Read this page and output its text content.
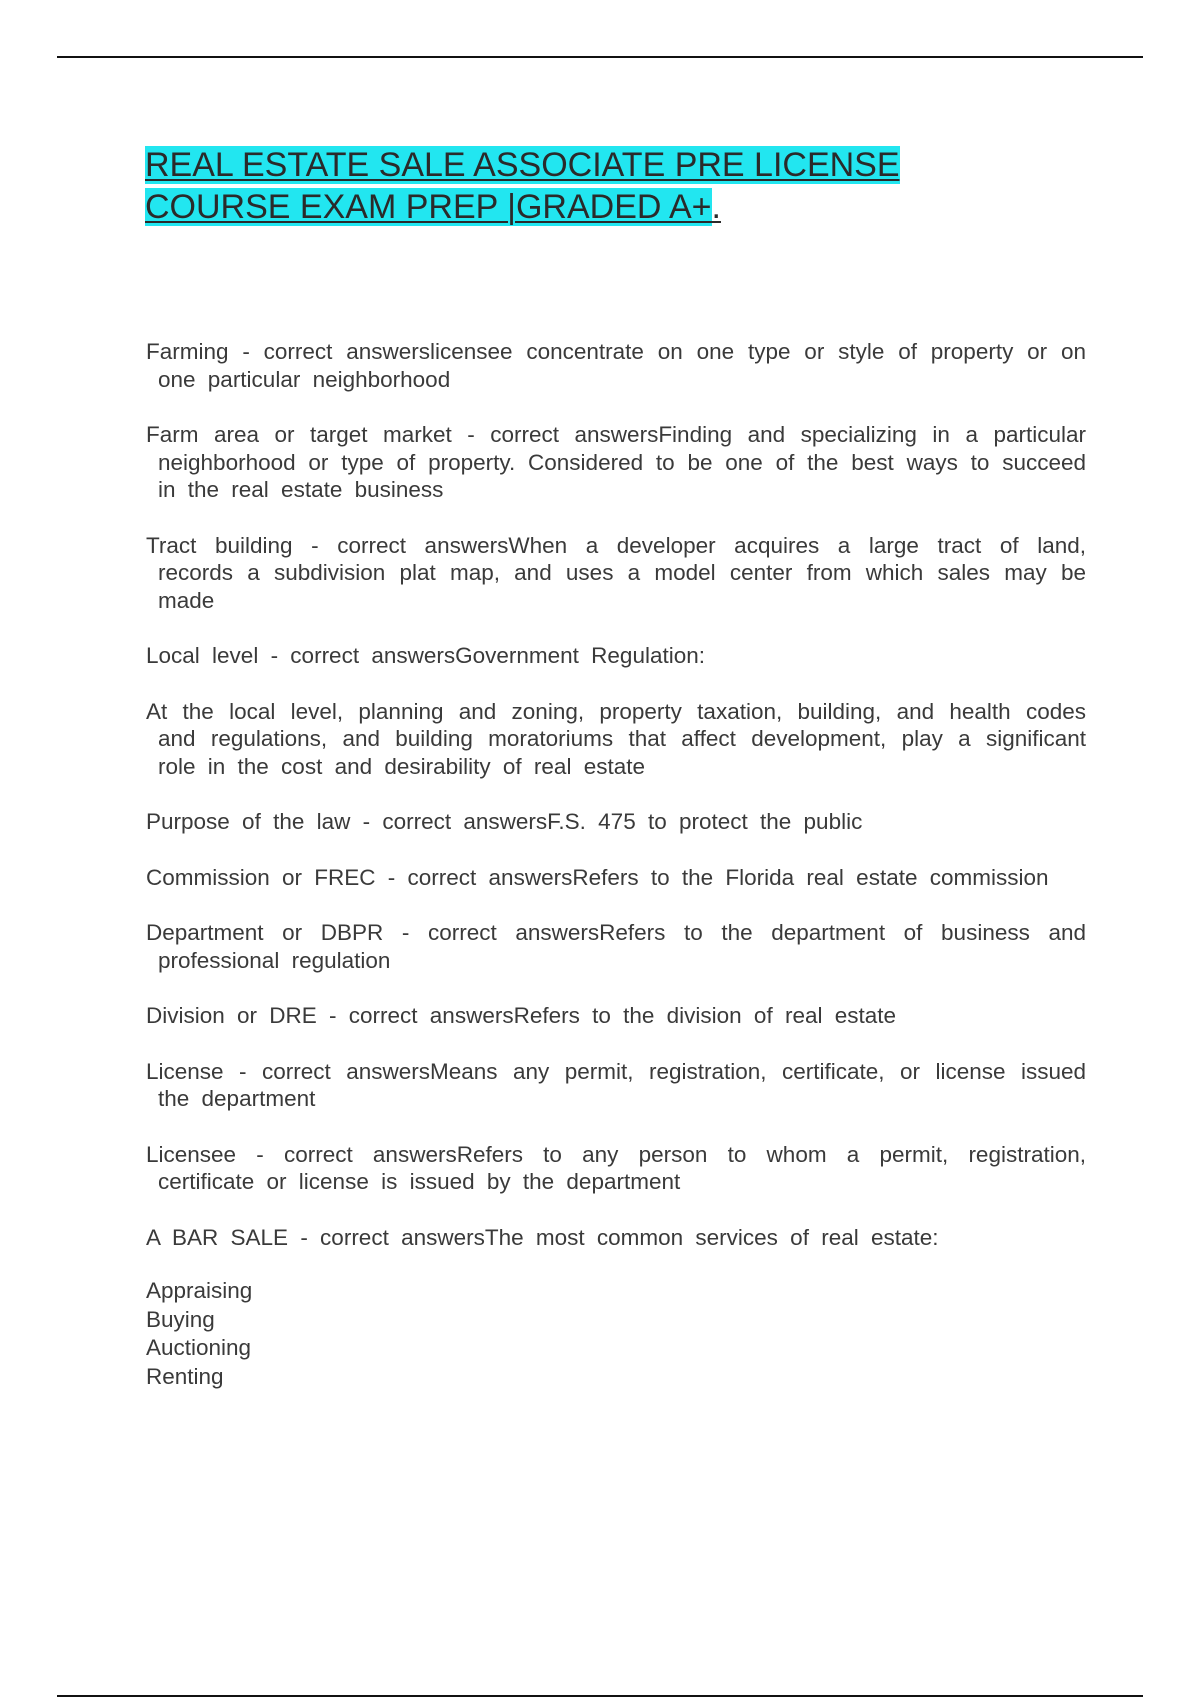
REAL ESTATE SALE ASSOCIATE PRE LICENSE COURSE EXAM PREP |GRADED A+.

Farming - correct answerslicensee concentrate on one type or style of property or on one particular neighborhood

Farm area or target market - correct answersFinding and specializing in a particular neighborhood or type of property. Considered to be one of the best ways to succeed in the real estate business

Tract building - correct answersWhen a developer acquires a large tract of land, records a subdivision plat map, and uses a model center from which sales may be made

Local level - correct answersGovernment Regulation:

At the local level, planning and zoning, property taxation, building, and health codes and regulations, and building moratoriums that affect development, play a significant role in the cost and desirability of real estate

Purpose of the law - correct answersF.S. 475 to protect the public

Commission or FREC - correct answersRefers to the Florida real estate commission

Department or DBPR - correct answersRefers to the department of business and professional regulation

Division or DRE - correct answersRefers to the division of real estate

License - correct answersMeans any permit, registration, certificate, or license issued the department

Licensee - correct answersRefers to any person to whom a permit, registration, certificate or license is issued by the department

A BAR SALE - correct answersThe most common services of real estate:

Appraising
Buying
Auctioning
Renting
